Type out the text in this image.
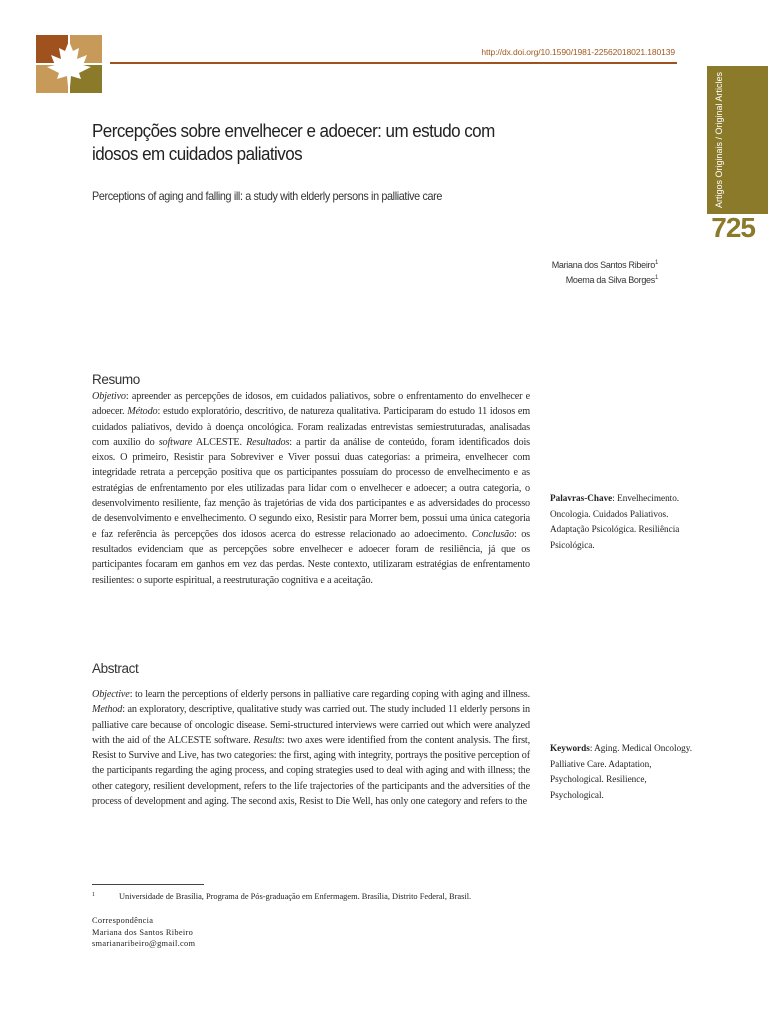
http://dx.doi.org/10.1590/1981-22562018021.180139
Artigos Originais / Original Articles
725
Percepções sobre envelhecer e adoecer: um estudo com idosos em cuidados paliativos
Perceptions of aging and falling ill: a study with elderly persons in palliative care
Mariana dos Santos Ribeiro$^1$
Moema da Silva Borges$^1$
Resumo
Objetivo: apreender as percepções de idosos, em cuidados paliativos, sobre o enfrentamento do envelhecer e adoecer. Método: estudo exploratório, descritivo, de natureza qualitativa. Participaram do estudo 11 idosos em cuidados paliativos, devido à doença oncológica. Foram realizadas entrevistas semiestruturadas, analisadas com auxílio do software ALCESTE. Resultados: a partir da análise de conteúdo, foram identificados dois eixos. O primeiro, Resistir para Sobreviver e Viver possui duas categorias: a primeira, envelhecer com integridade retrata a percepção positiva que os participantes possuíam do processo de envelhecimento e as estratégias de enfrentamento por eles utilizadas para lidar com o envelhecer e adoecer; a outra categoria, o desenvolvimento resiliente, faz menção às trajetórias de vida dos participantes e as adversidades do processo de desenvolvimento e envelhecimento. O segundo eixo, Resistir para Morrer bem, possui uma única categoria e faz referência às percepções dos idosos acerca do estresse relacionado ao adoecimento. Conclusão: os resultados evidenciam que as percepções sobre envelhecer e adoecer foram de resiliência, já que os participantes focaram em ganhos em vez das perdas. Neste contexto, utilizaram estratégias de enfrentamento resilientes: o suporte espiritual, a reestruturação cognitiva e a aceitação.
Palavras-Chave: Envelhecimento. Oncologia. Cuidados Paliativos. Adaptação Psicológica. Resiliência Psicológica.
Abstract
Objective: to learn the perceptions of elderly persons in palliative care regarding coping with aging and illness. Method: an exploratory, descriptive, qualitative study was carried out. The study included 11 elderly persons in palliative care because of oncologic disease. Semi-structured interviews were carried out which were analyzed with the aid of the ALCESTE software. Results: two axes were identified from the content analysis. The first, Resist to Survive and Live, has two categories: the first, aging with integrity, portrays the positive perception of the participants regarding the aging process, and coping strategies used to deal with aging and with illness; the other category, resilient development, refers to the life trajectories of the participants and the adversities of the process of development and aging. The second axis, Resist to Die Well, has only one category and refers to the
Keywords: Aging. Medical Oncology. Palliative Care. Adaptation, Psychological. Resilience, Psychological.
1	Universidade de Brasília, Programa de Pós-graduação em Enfermagem. Brasília, Distrito Federal, Brasil.
Correspondência
Mariana dos Santos Ribeiro
smarianaribeiro@gmail.com
